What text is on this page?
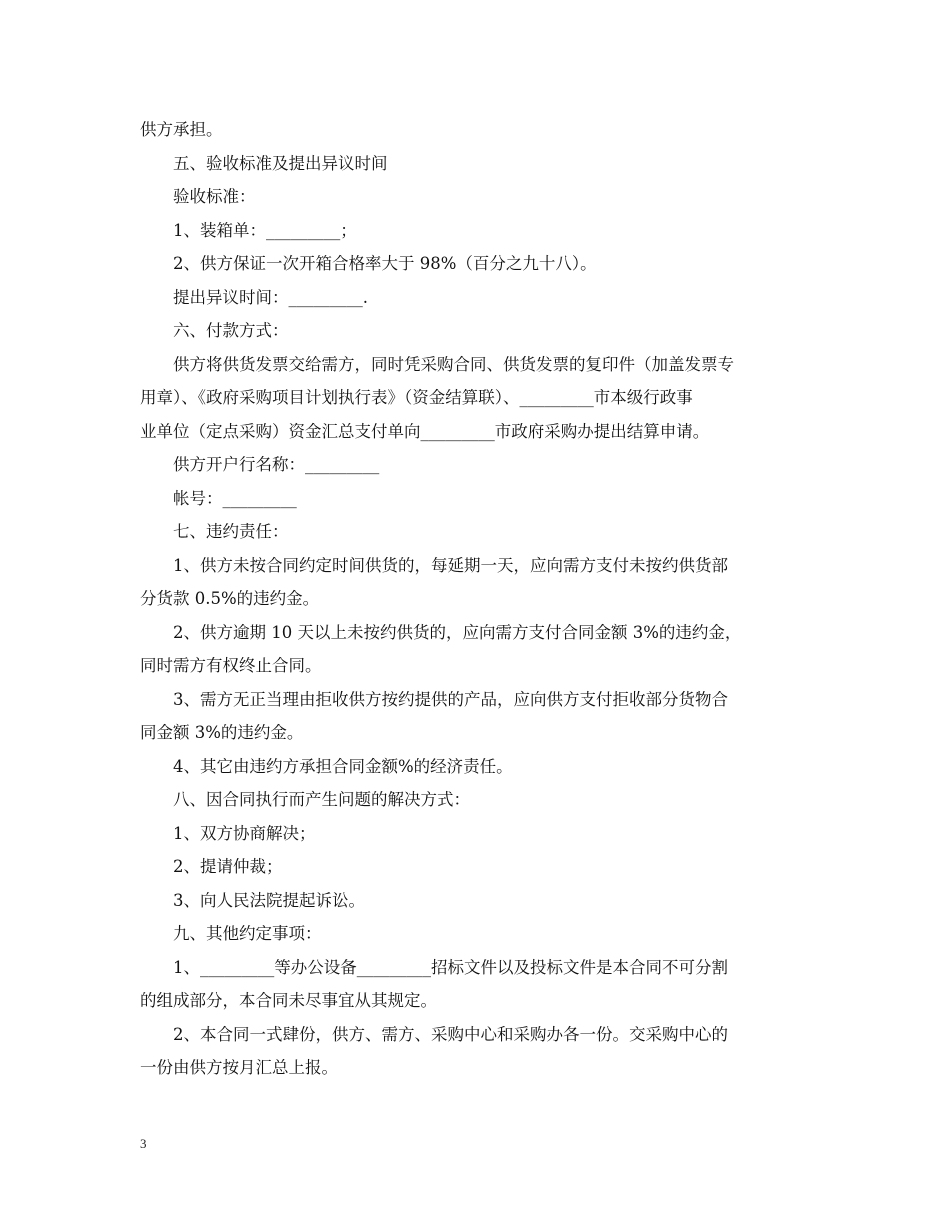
供方承担。
五、验收标准及提出异议时间
验收标准：
1、装箱单：_________；
2、供方保证一次开箱合格率大于 98%（百分之九十八）。
提出异议时间：_________.
六、付款方式：
供方将供货发票交给需方，同时凭采购合同、供货发票的复印件（加盖发票专
用章）、《政府采购项目计划执行表》（资金结算联）、_________市本级行政事
业单位（定点采购）资金汇总支付单向_________市政府采购办提出结算申请。
供方开户行名称：_________
帐号：_________
七、违约责任：
1、供方未按合同约定时间供货的，每延期一天，应向需方支付未按约供货部
分货款 0.5%的违约金。
2、供方逾期 10 天以上未按约供货的，应向需方支付合同金额 3%的违约金，
同时需方有权终止合同。
3、需方无正当理由拒收供方按约提供的产品，应向供方支付拒收部分货物合
同金额 3%的违约金。
4、其它由违约方承担合同金额%的经济责任。
八、因合同执行而产生问题的解决方式：
1、双方协商解决；
2、提请仲裁；
3、向人民法院提起诉讼。
九、其他约定事项：
1、_________等办公设备_________招标文件以及投标文件是本合同不可分割
的组成部分，本合同未尽事宜从其规定。
2、本合同一式肆份，供方、需方、采购中心和采购办各一份。交采购中心的
一份由供方按月汇总上报。
3
